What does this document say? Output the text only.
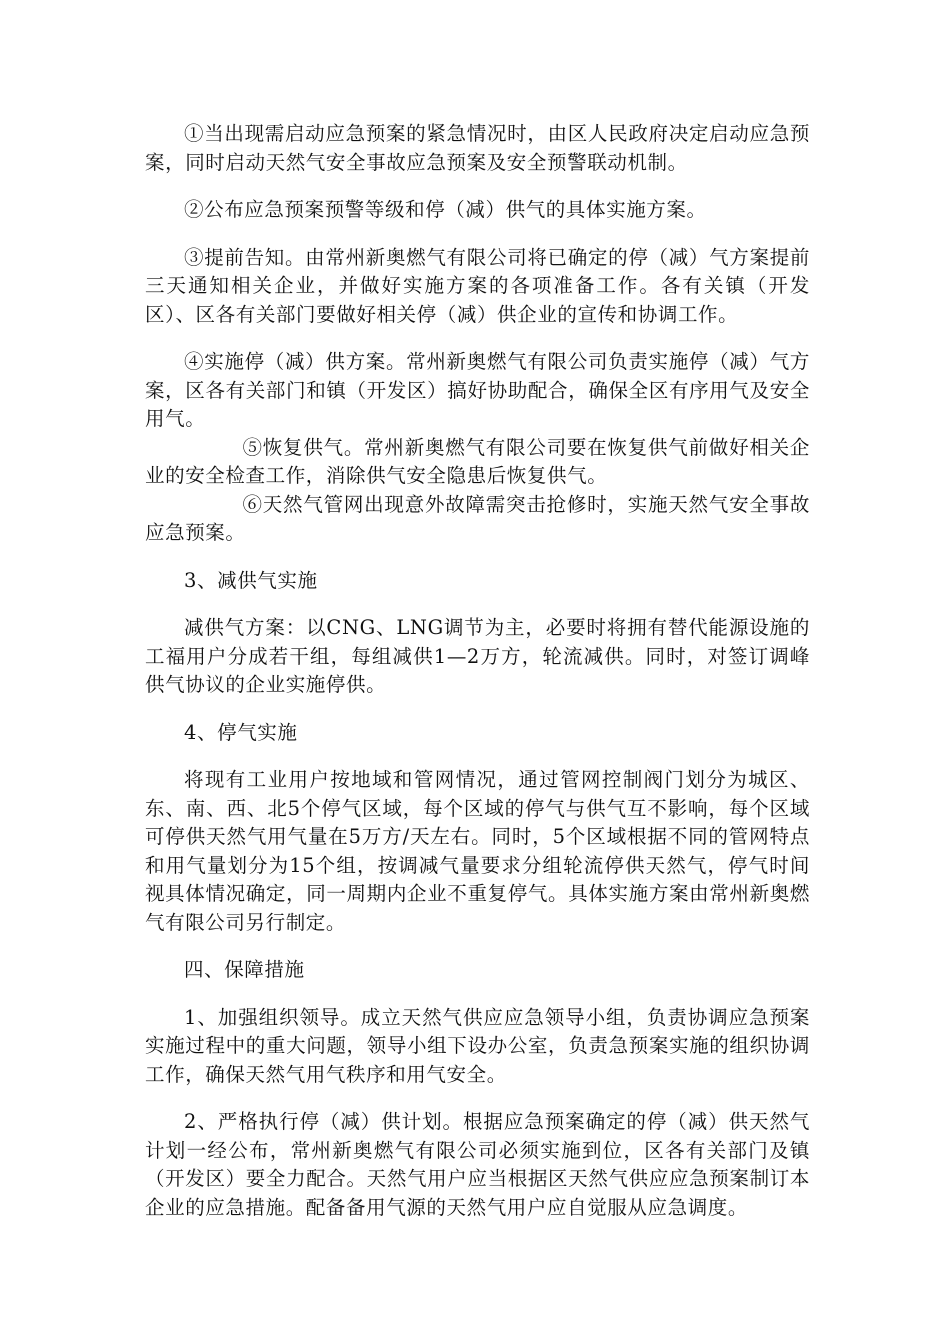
①当出现需启动应急预案的紧急情况时，由区人民政府决定启动应急预案，同时启动天然气安全事故应急预案及安全预警联动机制。

②公布应急预案预警等级和停（减）供气的具体实施方案。

③提前告知。由常州新奥燃气有限公司将已确定的停（减）气方案提前三天通知相关企业，并做好实施方案的各项准备工作。各有关镇（开发区）、区各有关部门要做好相关停（减）供企业的宣传和协调工作。

④实施停（减）供方案。常州新奥燃气有限公司负责实施停（减）气方案，区各有关部门和镇（开发区）搞好协助配合，确保全区有序用气及安全用气。

⑤恢复供气。常州新奥燃气有限公司要在恢复供气前做好相关企业的安全检查工作，消除供气安全隐患后恢复供气。

⑥天然气管网出现意外故障需突击抢修时，实施天然气安全事故应急预案。

3、减供气实施

减供气方案：以CNG、LNG调节为主，必要时将拥有替代能源设施的工福用户分成若干组，每组减供1—2万方，轮流减供。同时，对签订调峰供气协议的企业实施停供。

4、停气实施

将现有工业用户按地域和管网情况，通过管网控制阀门划分为城区、东、南、西、北5个停气区域，每个区域的停气与供气互不影响，每个区域可停供天然气用气量在5万方/天左右。同时，5个区域根据不同的管网特点和用气量划分为15个组，按调减气量要求分组轮流停供天然气，停气时间视具体情况确定，同一周期内企业不重复停气。具体实施方案由常州新奥燃气有限公司另行制定。

四、保障措施

1、加强组织领导。成立天然气供应应急领导小组，负责协调应急预案实施过程中的重大问题，领导小组下设办公室，负责急预案实施的组织协调工作，确保天然气用气秩序和用气安全。

2、严格执行停（减）供计划。根据应急预案确定的停（减）供天然气计划一经公布，常州新奥燃气有限公司必须实施到位，区各有关部门及镇（开发区）要全力配合。天然气用户应当根据区天然气供应应急预案制订本企业的应急措施。配备备用气源的天然气用户应自觉服从应急调度。
